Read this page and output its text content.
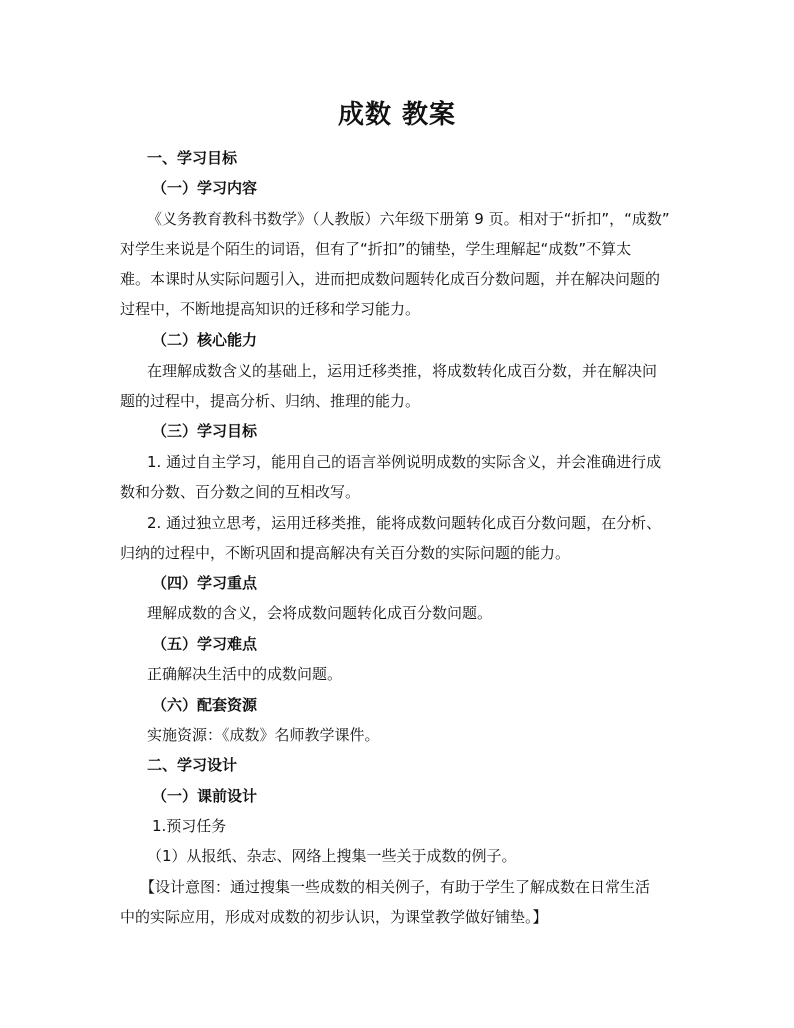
成数 教案
一、学习目标
（一）学习内容
《义务教育教科书数学》（人教版）六年级下册第 9 页。相对于“折扣”，“成数”
对学生来说是个陌生的词语，但有了“折扣”的铺垫，学生理解起“成数”不算太
难。本课时从实际问题引入，进而把成数问题转化成百分数问题，并在解决问题的
过程中，不断地提高知识的迁移和学习能力。
（二）核心能力
在理解成数含义的基础上，运用迁移类推，将成数转化成百分数，并在解决问
题的过程中，提高分析、归纳、推理的能力。
（三）学习目标
1. 通过自主学习，能用自己的语言举例说明成数的实际含义，并会准确进行成
数和分数、百分数之间的互相改写。
2. 通过独立思考，运用迁移类推，能将成数问题转化成百分数问题，在分析、
归纳的过程中，不断巩固和提高解决有关百分数的实际问题的能力。
（四）学习重点
理解成数的含义，会将成数问题转化成百分数问题。
（五）学习难点
正确解决生活中的成数问题。
（六）配套资源
实施资源：《成数》名师教学课件。
二、学习设计
（一）课前设计
1.预习任务
（1）从报纸、杂志、网络上搜集一些关于成数的例子。
【设计意图：通过搜集一些成数的相关例子，有助于学生了解成数在日常生活
中的实际应用，形成对成数的初步认识，为课堂教学做好铺垫。】
